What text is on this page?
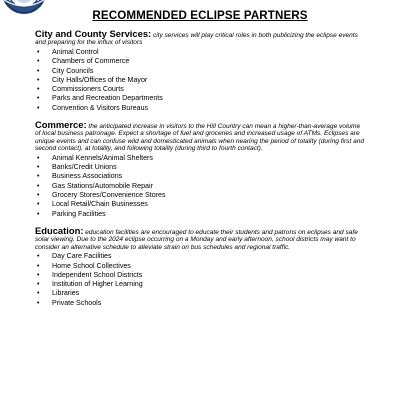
RECOMMENDED ECLIPSE PARTNERS

City and County Services: city services will play critical roles in both publicizing the eclipse events and preparing for the influx of visitors

• Animal Control
• Chambers of Commerce
• City Councils
• City Halls/Offices of the Mayor
• Commissioners Courts
• Parks and Recreation Departments
• Convention & Visitors Bureaus

Commerce: the anticipated increase in visitors to the Hill Country can mean a higher-than-average volume of local business patronage. Expect a shortage of fuel and groceries and increased usage of ATMs. Eclipses are unique events and can confuse wild and domesticated animals when nearing the period of totality (during first and second contact), at totality, and following totality (during third to fourth contact).

• Animal Kennels/Animal Shelters
• Banks/Credit Unions
• Business Associations
• Gas Stations/Automobile Repair
• Grocery Stores/Convenience Stores
• Local Retail/Chain Businesses
• Parking Facilities

Education: education facilities are encouraged to educate their students and patrons on eclipses and safe solar viewing. Due to the 2024 eclipse occurring on a Monday and early afternoon, school districts may want to consider an alternative schedule to alleviate strain on bus schedules and regional traffic.

• Day Care Facilities
• Home School Collectives
• Independent School Districts
• Institution of Higher Learning
• Libraries
• Private Schools
